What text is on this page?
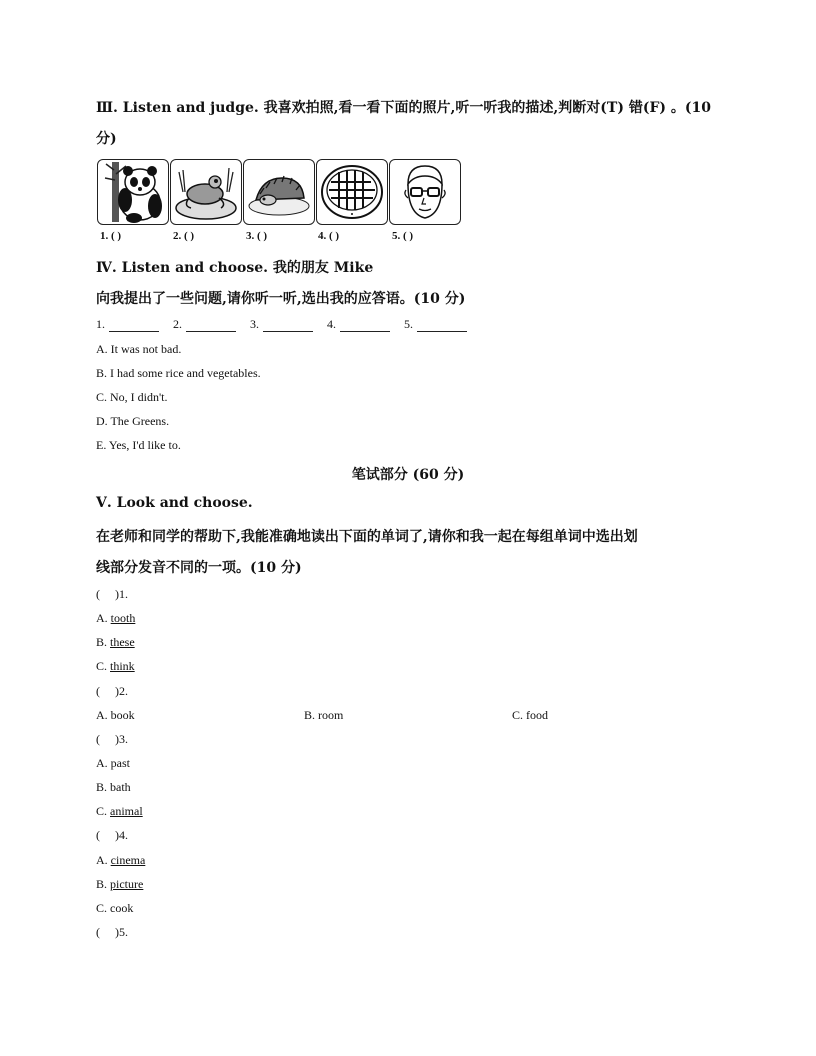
Ⅲ. Listen and judge. 我喜欢拍照,看一看下面的照片,听一听我的描述,判断对(T) 错(F) 。(10
分)
1. ( )	2. ( )	3. ( )	4. ( )	5. ( )
Ⅳ. Listen and choose. 我的朋友 Mike
向我提出了一些问题,请你听一听,选出我的应答语。(10 分)
1.	2.	3.	4.	5.
A. It was not bad.
B. I had some rice and vegetables.
C. No, I didn't.
D. The Greens.
E. Yes, I'd like to.
笔试部分 (60 分)
Ⅴ. Look and choose.
在老师和同学的帮助下,我能准确地读出下面的单词了,请你和我一起在每组单词中选出划
线部分发音不同的一项。(10 分)
(     )1.
A. tooth
B. these
C. think
(     )2.
A. book	B. room	C. food
(     )3.
A. past
B. bath
C. animal
(     )4.
A. cinema
B. picture
C. cook
(     )5.
